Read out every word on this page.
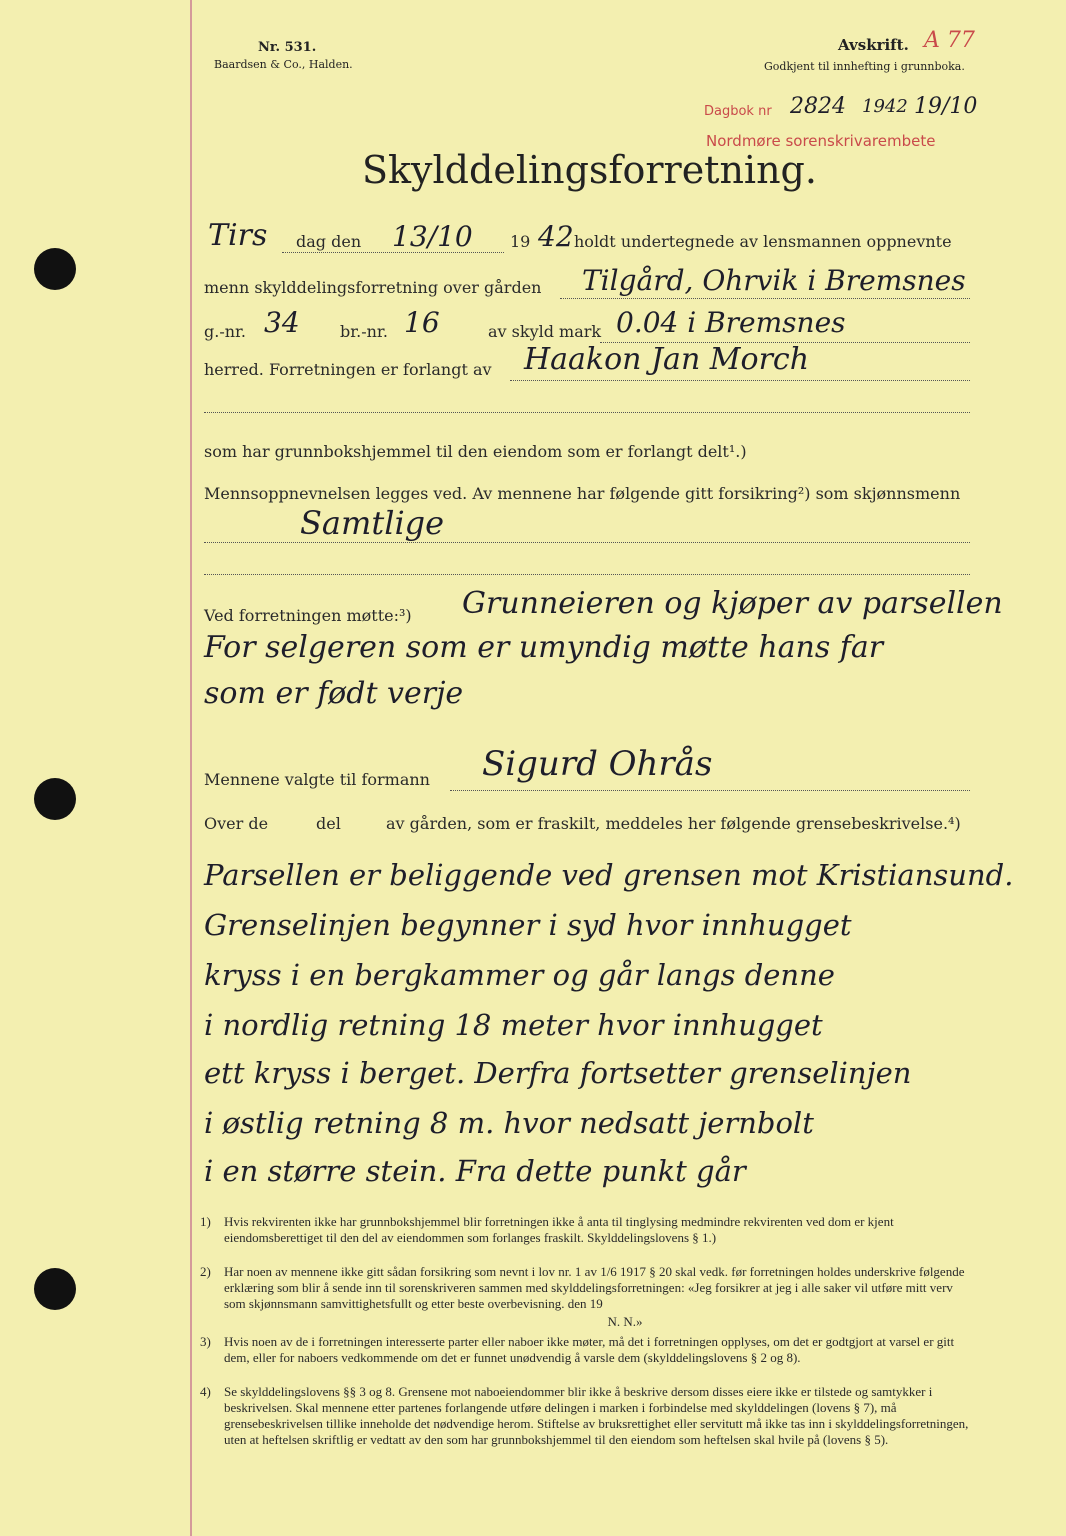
Nr. 531.
Baardsen & Co., Halden.
Avskrift. A 77
Godkjent til innhefting i grunnboka.
Dagbok nr 2824 1942 19/10
Nordmøre sorenskrivarembete
Skylddelingsforretning.
Tirs dag den 13/10 19 42 holdt undertegnede av lensmannen oppnevnte
menn skylddelingsforretning over gården Tilgård, Ohrvik i Bremsnes
g.-nr. 34	br.-nr. 16	av skyld mark 0.04 i Bremsnes
herred. Forretningen er forlangt av Haakon Jan Morch
som har grunnbokshjemmel til den eiendom som er forlangt delt¹.)
Mennsoppnevnelsen legges ved. Av mennene har følgende gitt forsikring²) som skjønnsmenn
Samtlige
Ved forretningen møtte:³) Grunneieren og kjøper av parsellen
For selgeren som er umyndig møtte hans far
som er født verje
Mennene valgte til formann Sigurd Ohrås
Over de	del	av gården, som er fraskilt, meddeles her følgende grensebeskrivelse.⁴)
Parsellen er beliggende ved grensen mot Kristiansund.
Grenselinjen begynner i syd hvor innhugget
kryss i en bergkammer og går langs denne
i nordlig retning 18 meter hvor innhugget
ett kryss i berget. Derfra fortsetter grenselinjen
i østlig retning 8 m. hvor nedsatt jernbolt
i en større stein. Fra dette punkt går
1) Hvis rekvirenten ikke har grunnbokshjemmel blir forretningen ikke å anta til tinglysing medmindre rekvirenten ved dom er kjent eiendomsberettiget til den del av eiendommen som forlanges fraskilt. Skylddelingslovens § 1.)
2) Har noen av mennene ikke gitt sådan forsikring som nevnt i lov nr. 1 av 1/6 1917 § 20 skal vedk. før forretningen holdes underskrive følgende erklæring som blir å sende inn til sorenskriveren sammen med skylddelingsforretningen: «Jeg forsikrer at jeg i alle saker vil utføre mitt verv som skjønnsmann samvittighetsfullt og etter beste overbevisning. den 19
N. N.»
3) Hvis noen av de i forretningen interesserte parter eller naboer ikke møter, må det i forretningen opplyses, om det er godtgjort at varsel er gitt dem, eller for naboers vedkommende om det er funnet unødvendig å varsle dem (skylddelingslovens § 2 og 8).
4) Se skylddelingslovens §§ 3 og 8. Grensene mot naboeiendommer blir ikke å beskrive dersom disses eiere ikke er tilstede og samtykker i beskrivelsen. Skal mennene etter partenes forlangende utføre delingen i marken i forbindelse med skylddelingen (lovens § 7), må grensebeskrivelsen tillike inneholde det nødvendige herom. Stiftelse av bruksrettighet eller servitutt må ikke tas inn i skylddelingsforretningen, uten at heftelsen skriftlig er vedtatt av den som har grunnbokshjemmel til den eiendom som heftelsen skal hvile på (lovens § 5).
